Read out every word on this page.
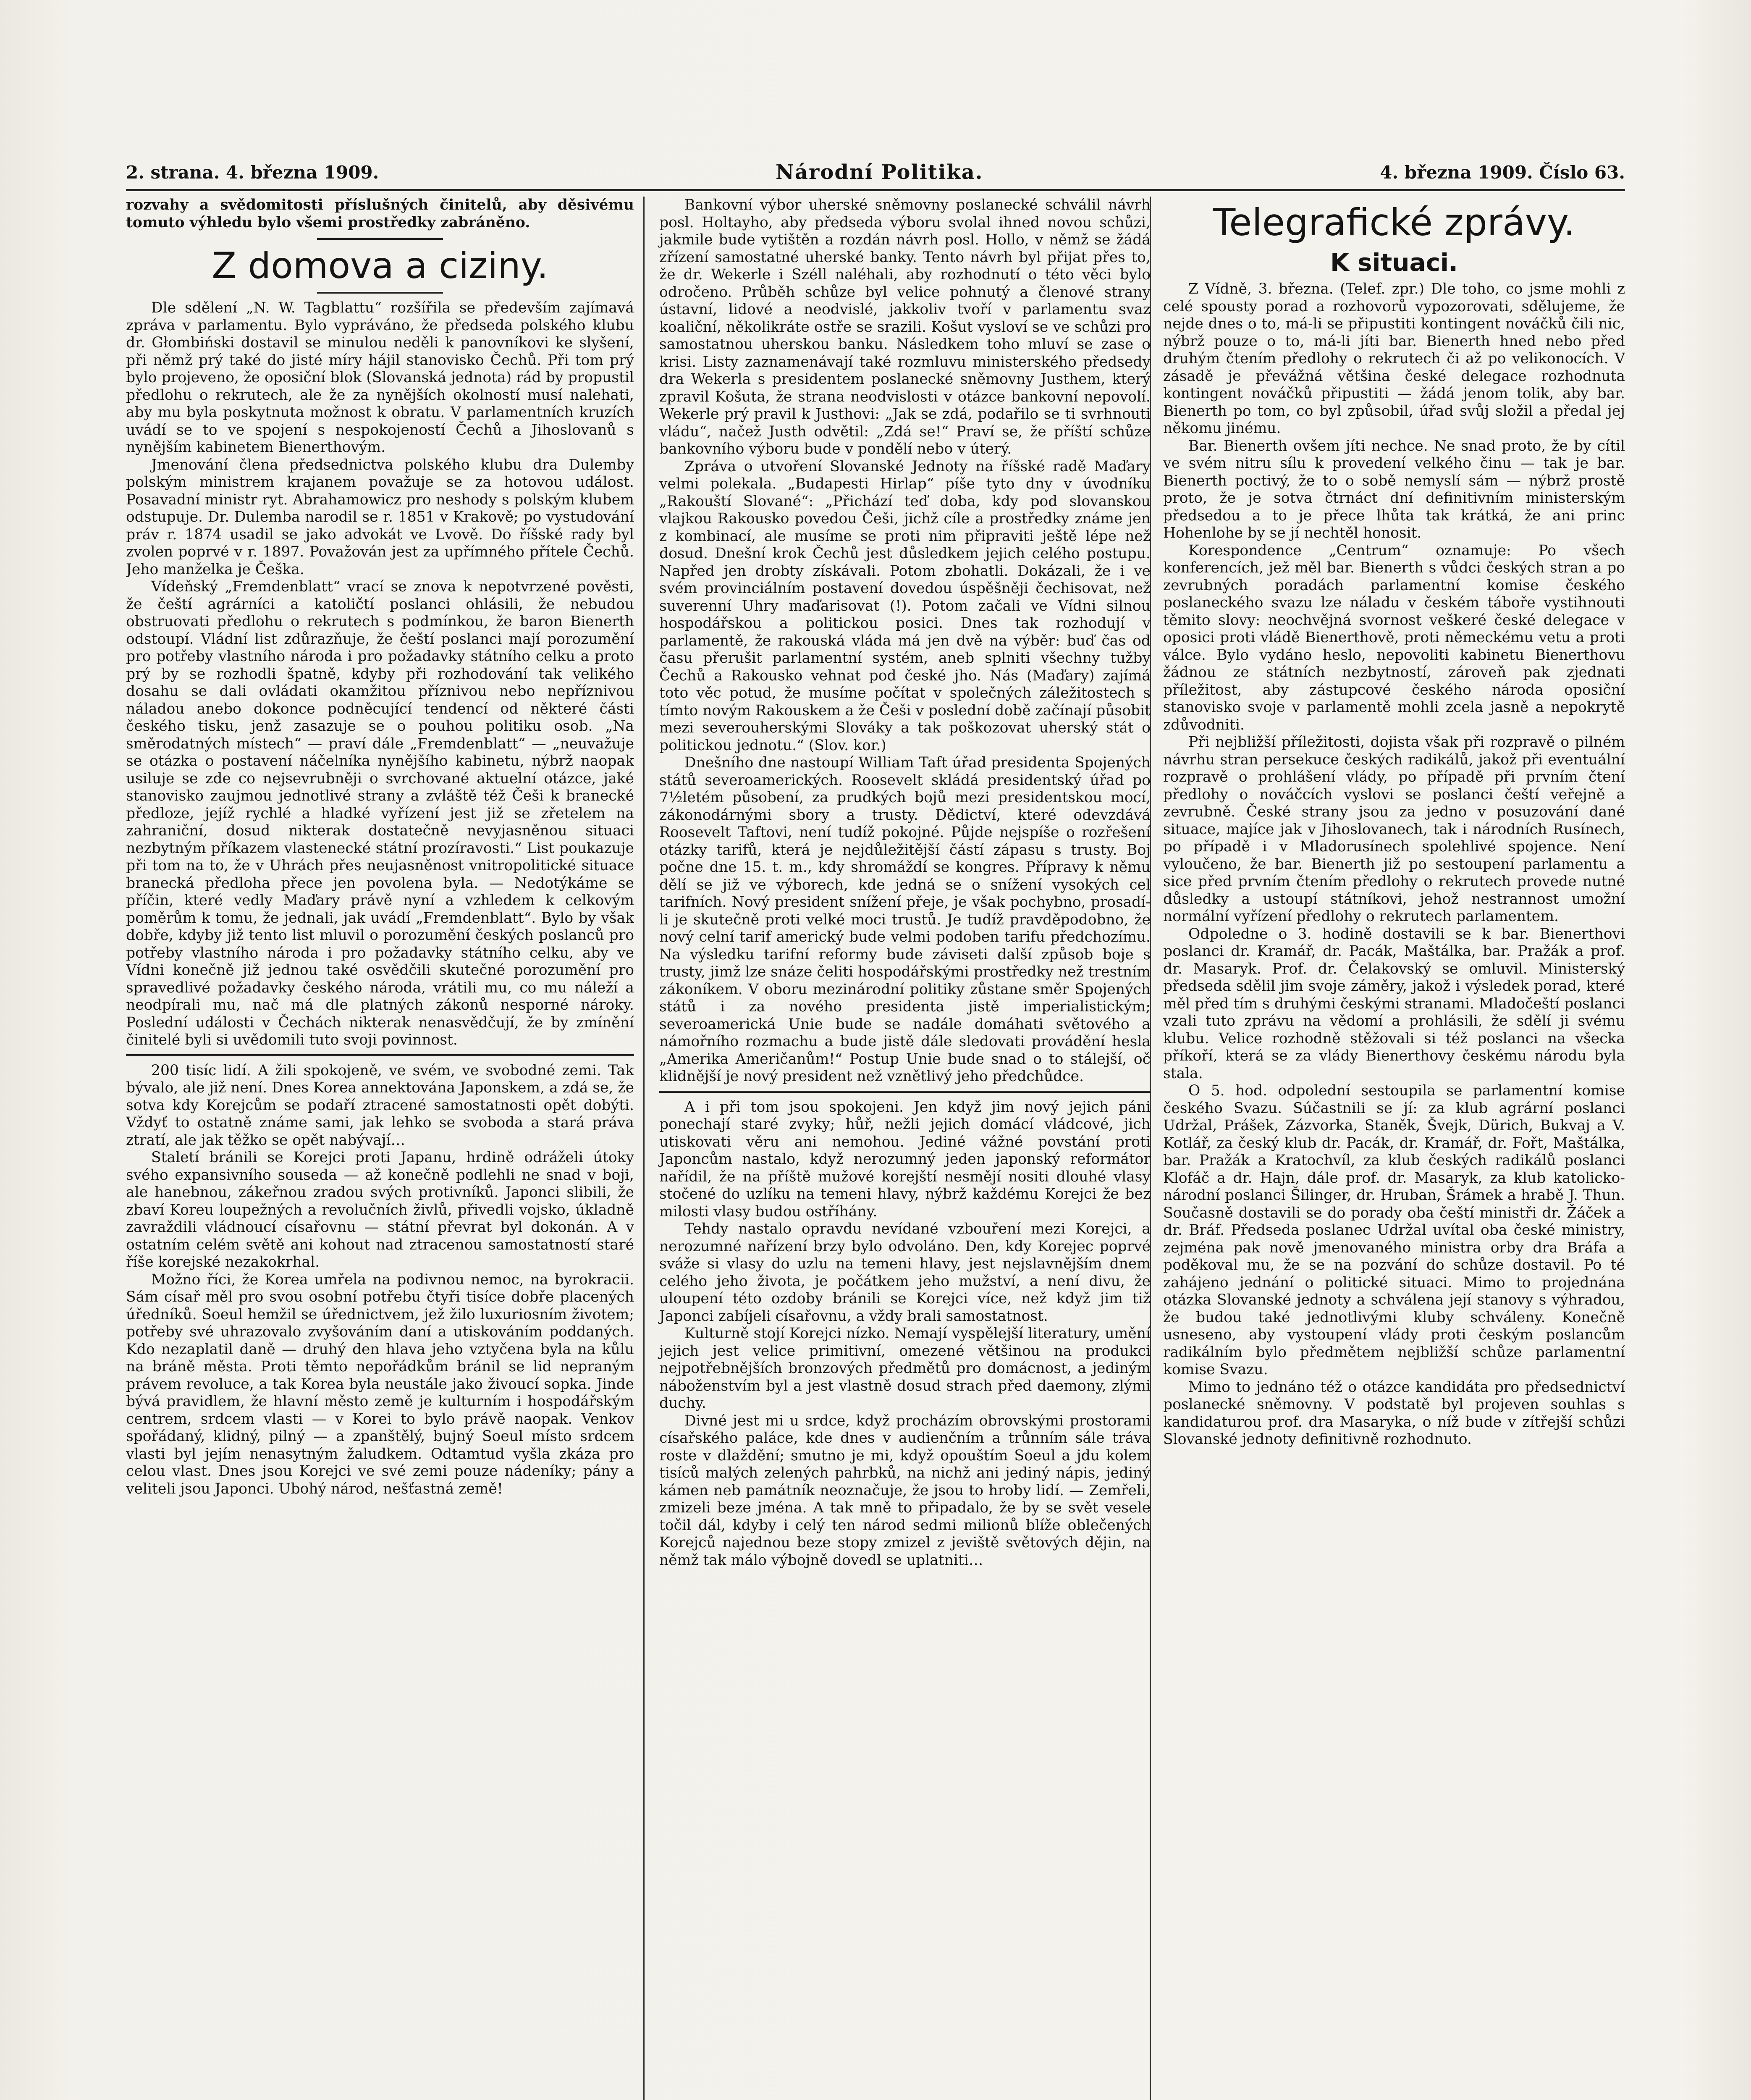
2. strana. 4. března 1909.	Národní Politika.	4. března 1909. Číslo 63.

rozvahy a svědomitosti příslušných činitelů, aby děsivému tomuto výhledu bylo všemi prostředky zabráněno.

Z domova a ciziny.

Dle sdělení „N. W. Tagblattu“ rozšířila se především zajímavá zpráva v parlamentu. Bylo vypráváno, že předseda polského klubu dr. Głombiński dostavil se minulou neděli k panovníkovi ke slyšení, při němž prý také do jisté míry hájil stanovisko Čechů. Při tom prý bylo projeveno, že oposiční blok (Slovanská jednota) rád by propustil předlohu o rekrutech, ale že za nynějších okolností musí nalehati, aby mu byla poskytnuta možnost k obratu. V parlamentních kruzích uvádí se to ve spojení s nespokojeností Čechů a Jihoslovanů s nynějším kabinetem Bienerthovým.

Jmenování člena předsednictva polského klubu dra Dulemby polským ministrem krajanem považuje se za hotovou událost. Posavadní ministr ryt. Abrahamowicz pro neshody s polským klubem odstupuje. Dr. Dulemba narodil se r. 1851 v Krakově; po vystudování práv r. 1874 usadil se jako advokát ve Lvově. Do říšské rady byl zvolen poprvé v r. 1897. Považován jest za upřímného přítele Čechů. Jeho manželka je Češka.

Vídeňský „Fremdenblatt“ vrací se znova k nepotvrzené pověsti, že čeští agrárníci a katoličtí poslanci ohlásili, že nebudou obstruovati předlohu o rekrutech s podmínkou, že baron Bienerth odstoupí. Vládní list zdůrazňuje, že čeští poslanci mají porozumění pro potřeby vlastního národa i pro požadavky státního celku a proto prý by se rozhodli špatně, kdyby při rozhodování tak velikého dosahu se dali ovládati okamžitou příznivou nebo nepříznivou náladou anebo dokonce podněcující tendencí od některé části českého tisku, jenž zasazuje se o pouhou politiku osob. „Na směrodatných místech“ — praví dále „Fremdenblatt“ — „neuvažuje se otázka o postavení náčelníka nynějšího kabinetu, nýbrž naopak usiluje se zde co nejsevrubněji o svrchované aktuelní otázce, jaké stanovisko zaujmou jednotlivé strany a zvláště též Češi k branecké předloze, jejíž rychlé a hladké vyřízení jest již se zřetelem na zahraniční, dosud nikterak dostatečně nevyjasněnou situaci nezbytným příkazem vlastenecké státní prozíravosti.“ List poukazuje při tom na to, že v Uhrách přes neujasněnost vnitropolitické situace branecká předloha přece jen povolena byla. — Nedotýkáme se příčin, které vedly Maďary právě nyní a vzhledem k celkovým poměrům k tomu, že jednali, jak uvádí „Fremdenblatt“. Bylo by však dobře, kdyby již tento list mluvil o porozumění českých poslanců pro potřeby vlastního národa i pro požadavky státního celku, aby ve Vídni konečně již jednou také osvědčili skutečné porozumění pro spravedlivé požadavky českého národa, vrátili mu, co mu náleží a neodpírali mu, nač má dle platných zákonů nesporné nároky. Poslední události v Čechách nikterak nenasvědčují, že by zmínění činitelé byli si uvědomili tuto svoji povinnost.

200 tisíc lidí. A žili spokojeně, ve svém, ve svobodné zemi. Tak bývalo, ale již není. Dnes Korea annektována Japonskem, a zdá se, že sotva kdy Korejcům se podaří ztracené samostatnosti opět dobýti. Vždyť to ostatně známe sami, jak lehko se svoboda a stará práva ztratí, ale jak těžko se opět nabývají…

Staletí bránili se Korejci proti Japanu, hrdině odráželi útoky svého expansivního souseda — až konečně podlehli ne snad v boji, ale hanebnou, zákeřnou zradou svých protivníků. Japonci slibili, že zbaví Koreu loupežných a revolučních živlů, přivedli vojsko, úkladně zavraždili vládnoucí císařovnu — státní převrat byl dokonán. A v ostatním celém světě ani kohout nad ztracenou samostatností staré říše korejské nezakokrhal.

Možno říci, že Korea umřela na podivnou nemoc, na byrokracii. Sám císař měl pro svou osobní potřebu čtyři tisíce dobře placených úředníků. Soeul hemžil se úřednictvem, jež žilo luxuriosním životem; potřeby své uhrazovalo zvyšováním daní a utiskováním poddaných. Kdo nezaplatil daně — druhý den hlava jeho vztyčena byla na kůlu na bráně města. Proti těmto nepořádkům bránil se lid nepraným právem revoluce, a tak Korea byla neustále jako živoucí sopka. Jinde bývá pravidlem, že hlavní město země je kulturním i hospodářským centrem, srdcem vlasti — v Korei to bylo právě naopak. Venkov spořádaný, klidný, pilný — a zpanštělý, bujný Soeul místo srdcem vlasti byl jejím nenasytným žaludkem. Odtamtud vyšla zkáza pro celou vlast. Dnes jsou Korejci ve své zemi pouze nádeníky; pány a veliteli jsou Japonci. Ubohý národ, nešťastná země!

Bankovní výbor uherské sněmovny poslanecké schválil návrh posl. Holtayho, aby předseda výboru svolal ihned novou schůzi, jakmile bude vytištěn a rozdán návrh posl. Hollo, v němž se žádá zřízení samostatné uherské banky. Tento návrh byl přijat přes to, že dr. Wekerle i Széll naléhali, aby rozhodnutí o této věci bylo odročeno. Průběh schůze byl velice pohnutý a členové strany ústavní, lidové a neodvislé, jakkoliv tvoří v parlamentu svaz koaliční, několikráte ostře se srazili. Košut vysloví se ve schůzi pro samostatnou uherskou banku. Následkem toho mluví se zase o krisi. Listy zaznamenávají také rozmluvu ministerského předsedy dra Wekerla s presidentem poslanecké sněmovny Justhem, který zpravil Košuta, že strana neodvislosti v otázce bankovní nepovolí. Wekerle prý pravil k Justhovi: „Jak se zdá, podařilo se ti svrhnouti vládu“, načež Justh odvětil: „Zdá se!“ Praví se, že příští schůze bankovního výboru bude v pondělí nebo v úterý.

Zpráva o utvoření Slovanské Jednoty na říšské radě Maďary velmi polekala. „Budapesti Hirlap“ píše tyto dny v úvodníku „Rakouští Slované“: „Přichází teď doba, kdy pod slovanskou vlajkou Rakousko povedou Češi, jichž cíle a prostředky známe jen z kombinací, ale musíme se proti nim připraviti ještě lépe než dosud. Dnešní krok Čechů jest důsledkem jejich celého postupu. Napřed jen drobty získávali. Potom zbohatli. Dokázali, že i ve svém provinciálním postavení dovedou úspěšněji čechisovat, než suverenní Uhry maďarisovat (!). Potom začali ve Vídni silnou hospodářskou a politickou posici. Dnes tak rozhodují v parlamentě, že rakouská vláda má jen dvě na výběr: buď čas od času přerušit parlamentní systém, aneb splniti všechny tužby Čechů a Rakousko vehnat pod české jho. Nás (Maďary) zajímá toto věc potud, že musíme počítat v společných záležitostech s tímto novým Rakouskem a že Češi v poslední době začínají působit mezi severouherskými Slováky a tak poškozovat uherský stát o politickou jednotu.“ (Slov. kor.)

Dnešního dne nastoupí William Taft úřad presidenta Spojených států severoamerických. Roosevelt skládá presidentský úřad po 7½letém působení, za prudkých bojů mezi presidentskou mocí, zákonodárnými sbory a trusty. Dědictví, které odevzdává Roosevelt Taftovi, není tudíž pokojné. Půjde nejspíše o rozřešení otázky tarifů, která je nejdůležitější částí zápasu s trusty. Boj počne dne 15. t. m., kdy shromáždí se kongres. Přípravy k němu dělí se již ve výborech, kde jedná se o snížení vysokých cel tarifních. Nový president snížení přeje, je však pochybno, prosadí-li je skutečně proti velké moci trustů. Je tudíž pravděpodobno, že nový celní tarif americký bude velmi podoben tarifu předchozímu. Na výsledku tarifní reformy bude záviseti další způsob boje s trusty, jimž lze snáze čeliti hospodářskými prostředky než trestním zákoníkem. V oboru mezinárodní politiky zůstane směr Spojených států i za nového presidenta jistě imperialistickým; severoamerická Unie bude se nadále domáhati světového a námořního rozmachu a bude jistě dále sledovati provádění hesla „Amerika Američanům!“ Postup Unie bude snad o to stálejší, oč klidnější je nový president než vznětlivý jeho předchůdce.

A i při tom jsou spokojeni. Jen když jim nový jejich páni ponechají staré zvyky; hůř, nežli jejich domácí vládcové, jich utiskovati věru ani nemohou. Jediné vážné povstání proti Japoncům nastalo, když nerozumný jeden japonský reformátor nařídil, že na příště mužové korejští nesmějí nositi dlouhé vlasy stočené do uzlíku na temeni hlavy, nýbrž každému Korejci že bez milosti vlasy budou ostříhány.

Tehdy nastalo opravdu nevídané vzbouření mezi Korejci, a nerozumné nařízení brzy bylo odvoláno. Den, kdy Korejec poprvé sváže si vlasy do uzlu na temeni hlavy, jest nejslavnějším dnem celého jeho života, je počátkem jeho mužství, a není divu, že uloupení této ozdoby bránili se Korejci více, než když jim tiž Japonci zabíjeli císařovnu, a vždy brali samostatnost.

Kulturně stojí Korejci nízko. Nemají vyspělejší literatury, umění jejich jest velice primitivní, omezené většinou na produkci nejpotřebnějších bronzových předmětů pro domácnost, a jediným náboženstvím byl a jest vlastně dosud strach před daemony, zlými duchy.

Divné jest mi u srdce, když procházím obrovskými prostorami císařského paláce, kde dnes v audienčním a trůnním sále tráva roste v dlaždění; smutno je mi, když opouštím Soeul a jdu kolem tisíců malých zelených pahrbků, na nichž ani jediný nápis, jediný kámen neb památník neoznačuje, že jsou to hroby lidí. — Zemřeli, zmizeli beze jména. A tak mně to připadalo, že by se svět vesele točil dál, kdyby i celý ten národ sedmi milionů blíže oblečených Korejců najednou beze stopy zmizel z jeviště světových dějin, na němž tak málo výbojně dovedl se uplatniti…

Telegrafické zprávy.
K situaci.

Z Vídně, 3. března. (Telef. zpr.) Dle toho, co jsme mohli z celé spousty porad a rozhovorů vypozorovati, sdělujeme, že nejde dnes o to, má-li se připustiti kontingent nováčků čili nic, nýbrž pouze o to, má-li jíti bar. Bienerth hned nebo před druhým čtením předlohy o rekrutech či až po velikonocích. V zásadě je převážná většina české delegace rozhodnuta kontingent nováčků připustiti — žádá jenom tolik, aby bar. Bienerth po tom, co byl způsobil, úřad svůj složil a předal jej někomu jinému.

Bar. Bienerth ovšem jíti nechce. Ne snad proto, že by cítil ve svém nitru sílu k provedení velkého činu — tak je bar. Bienerth poctivý, že to o sobě nemyslí sám — nýbrž prostě proto, že je sotva čtrnáct dní definitivním ministerským předsedou a to je přece lhůta tak krátká, že ani princ Hohenlohe by se jí nechtěl honosit.

Korespondence „Centrum“ oznamuje: Po všech konferencích, jež měl bar. Bienerth s vůdci českých stran a po zevrubných poradách parlamentní komise českého poslaneckého svazu lze náladu v českém táboře vystihnouti těmito slovy: neochvějná svornost veškeré české delegace v oposici proti vládě Bienerthově, proti německému vetu a proti válce. Bylo vydáno heslo, nepovoliti kabinetu Bienerthovu žádnou ze státních nezbytností, zároveň pak zjednati příležitost, aby zástupcové českého národa oposiční stanovisko svoje v parlamentě mohli zcela jasně a nepokrytě zdůvodniti.

Při nejbližší příležitosti, dojista však při rozpravě o pilném návrhu stran persekuce českých radikálů, jakož při eventuální rozpravě o prohlášení vlády, po případě při prvním čtení předlohy o nováčcích vyslovi se poslanci čeští veřejně a zevrubně. České strany jsou za jedno v posuzování dané situace, majíce jak v Jihoslovanech, tak i národních Rusínech, po případě i v Mladorusínech spolehlivé spojence. Není vyloučeno, že bar. Bienerth již po sestoupení parlamentu a sice před prvním čtením předlohy o rekrutech provede nutné důsledky a ustoupí státníkovi, jehož nestrannost umožní normální vyřízení předlohy o rekrutech parlamentem.

Odpoledne o 3. hodině dostavili se k bar. Bienerthovi poslanci dr. Kramář, dr. Pacák, Maštálka, bar. Pražák a prof. dr. Masaryk. Prof. dr. Čelakovský se omluvil. Ministerský předseda sdělil jim svoje záměry, jakož i výsledek porad, které měl před tím s druhými českými stranami. Mladočeští poslanci vzali tuto zprávu na vědomí a prohlásili, že sdělí ji svému klubu. Velice rozhodně stěžovali si též poslanci na všecka příkoří, která se za vlády Bienerthovy českému národu byla stala.

O 5. hod. odpolední sestoupila se parlamentní komise českého Svazu. Súčastnili se jí: za klub agrární poslanci Udržal, Prášek, Zázvorka, Staněk, Švejk, Dürich, Bukvaj a V. Kotlář, za český klub dr. Pacák, dr. Kramář, dr. Fořt, Maštálka, bar. Pražák a Kratochvíl, za klub českých radikálů poslanci Klofáč a dr. Hajn, dále prof. dr. Masaryk, za klub katolicko-národní poslanci Šilinger, dr. Hruban, Šrámek a hrabě J. Thun. Současně dostavili se do porady oba čeští ministři dr. Žáček a dr. Bráf. Předseda poslanec Udržal uvítal oba české ministry, zejména pak nově jmenovaného ministra orby dra Bráfa a poděkoval mu, že se na pozvání do schůze dostavil. Po té zahájeno jednání o politické situaci. Mimo to projednána otázka Slovanské jednoty a schválena její stanovy s výhradou, že budou také jednotlivými kluby schváleny. Konečně usneseno, aby vystoupení vlády proti českým poslancům radikálním bylo předmětem nejbližší schůze parlamentní komise Svazu.

Mimo to jednáno též o otázce kandidáta pro předsednictví poslanecké sněmovny. V podstatě byl projeven souhlas s kandidaturou prof. dra Masaryka, o níž bude v zítřejší schůzi Slovanské jednoty definitivně rozhodnuto.
